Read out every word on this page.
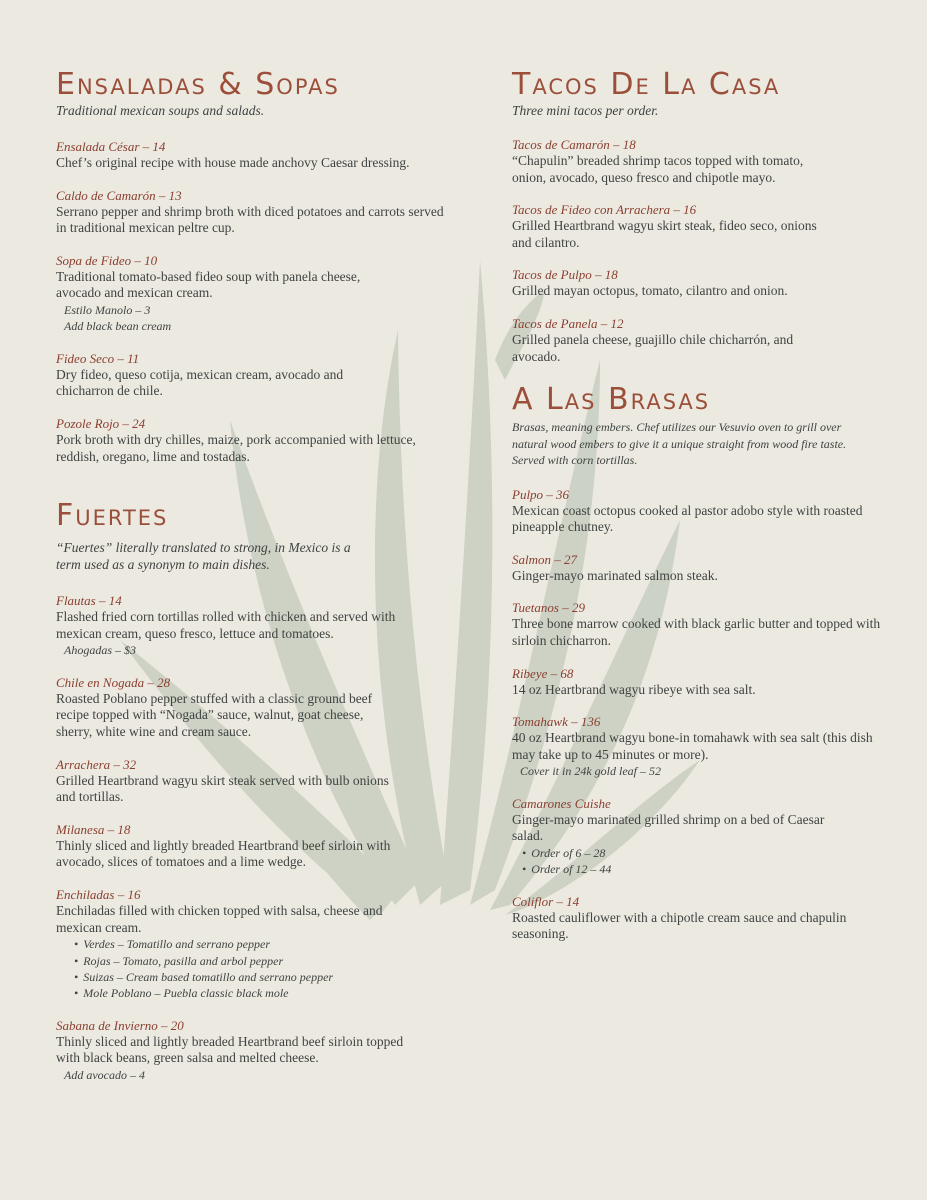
Ensaladas & Sopas

Traditional mexican soups and salads.

Ensalada César – 14
Chef’s original recipe with house made anchovy Caesar dressing.
Caldo de Camarón – 13
Serrano pepper and shrimp broth with diced potatoes and carrots served in traditional mexican peltre cup.
Sopa de Fideo – 10
Traditional tomato-based fideo soup with panela cheese, avocado and mexican cream.
Estilo Manolo – 3
Add black bean cream
Fideo Seco – 11
Dry fideo, queso cotija, mexican cream, avocado and chicharron de chile.
Pozole Rojo – 24
Pork broth with dry chilles, maize, pork accompanied with lettuce, reddish, oregano, lime and tostadas.
Fuertes

“Fuertes” literally translated to strong, in Mexico is a term used as a synonym to main dishes.

Flautas – 14
Flashed fried corn tortillas rolled with chicken and served with mexican cream, queso fresco, lettuce and tomatoes.
Ahogadas – $3
Chile en Nogada – 28
Roasted Poblano pepper stuffed with a classic ground beef recipe topped with “Nogada” sauce, walnut, goat cheese, sherry, white wine and cream sauce.
Arrachera – 32
Grilled Heartbrand wagyu skirt steak served with bulb onions and tortillas.
Milanesa – 18
Thinly sliced and lightly breaded Heartbrand beef sirloin with avocado, slices of tomatoes and a lime wedge.
Enchiladas – 16
Enchiladas filled with chicken topped with salsa, cheese and mexican cream.
• Verdes – Tomatillo and serrano pepper
• Rojas – Tomato, pasilla and arbol pepper
• Suizas – Cream based tomatillo and serrano pepper
• Mole Poblano – Puebla classic black mole
Sabana de Invierno – 20
Thinly sliced and lightly breaded Heartbrand beef sirloin topped with black beans, green salsa and melted cheese.
Add avocado – 4
Tacos De La Casa

Three mini tacos per order.

Tacos de Camarón – 18
“Chapulin” breaded shrimp tacos topped with tomato, onion, avocado, queso fresco and chipotle mayo.
Tacos de Fideo con Arrachera – 16
Grilled Heartbrand wagyu skirt steak, fideo seco, onions and cilantro.
Tacos de Pulpo – 18
Grilled mayan octopus, tomato, cilantro and onion.
Tacos de Panela – 12
Grilled panela cheese, guajillo chile chicharrón, and avocado.
A Las Brasas

Brasas, meaning embers. Chef utilizes our Vesuvio oven to grill over natural wood embers to give it a unique straight from wood fire taste. Served with corn tortillas.

Pulpo – 36
Mexican coast octopus cooked al pastor adobo style with roasted pineapple chutney.
Salmon – 27
Ginger-mayo marinated salmon steak.
Tuetanos – 29
Three bone marrow cooked with black garlic butter and topped with sirloin chicharron.
Ribeye – 68
14 oz Heartbrand wagyu ribeye with sea salt.
Tomahawk – 136
40 oz Heartbrand wagyu bone-in tomahawk with sea salt (this dish may take up to 45 minutes or more).
Cover it in 24k gold leaf – 52
Camarones Cuishe
Ginger-mayo marinated grilled shrimp on a bed of Caesar salad.
• Order of 6 – 28
• Order of 12 – 44
Coliflor – 14
Roasted cauliflower with a chipotle cream sauce and chapulin seasoning.
